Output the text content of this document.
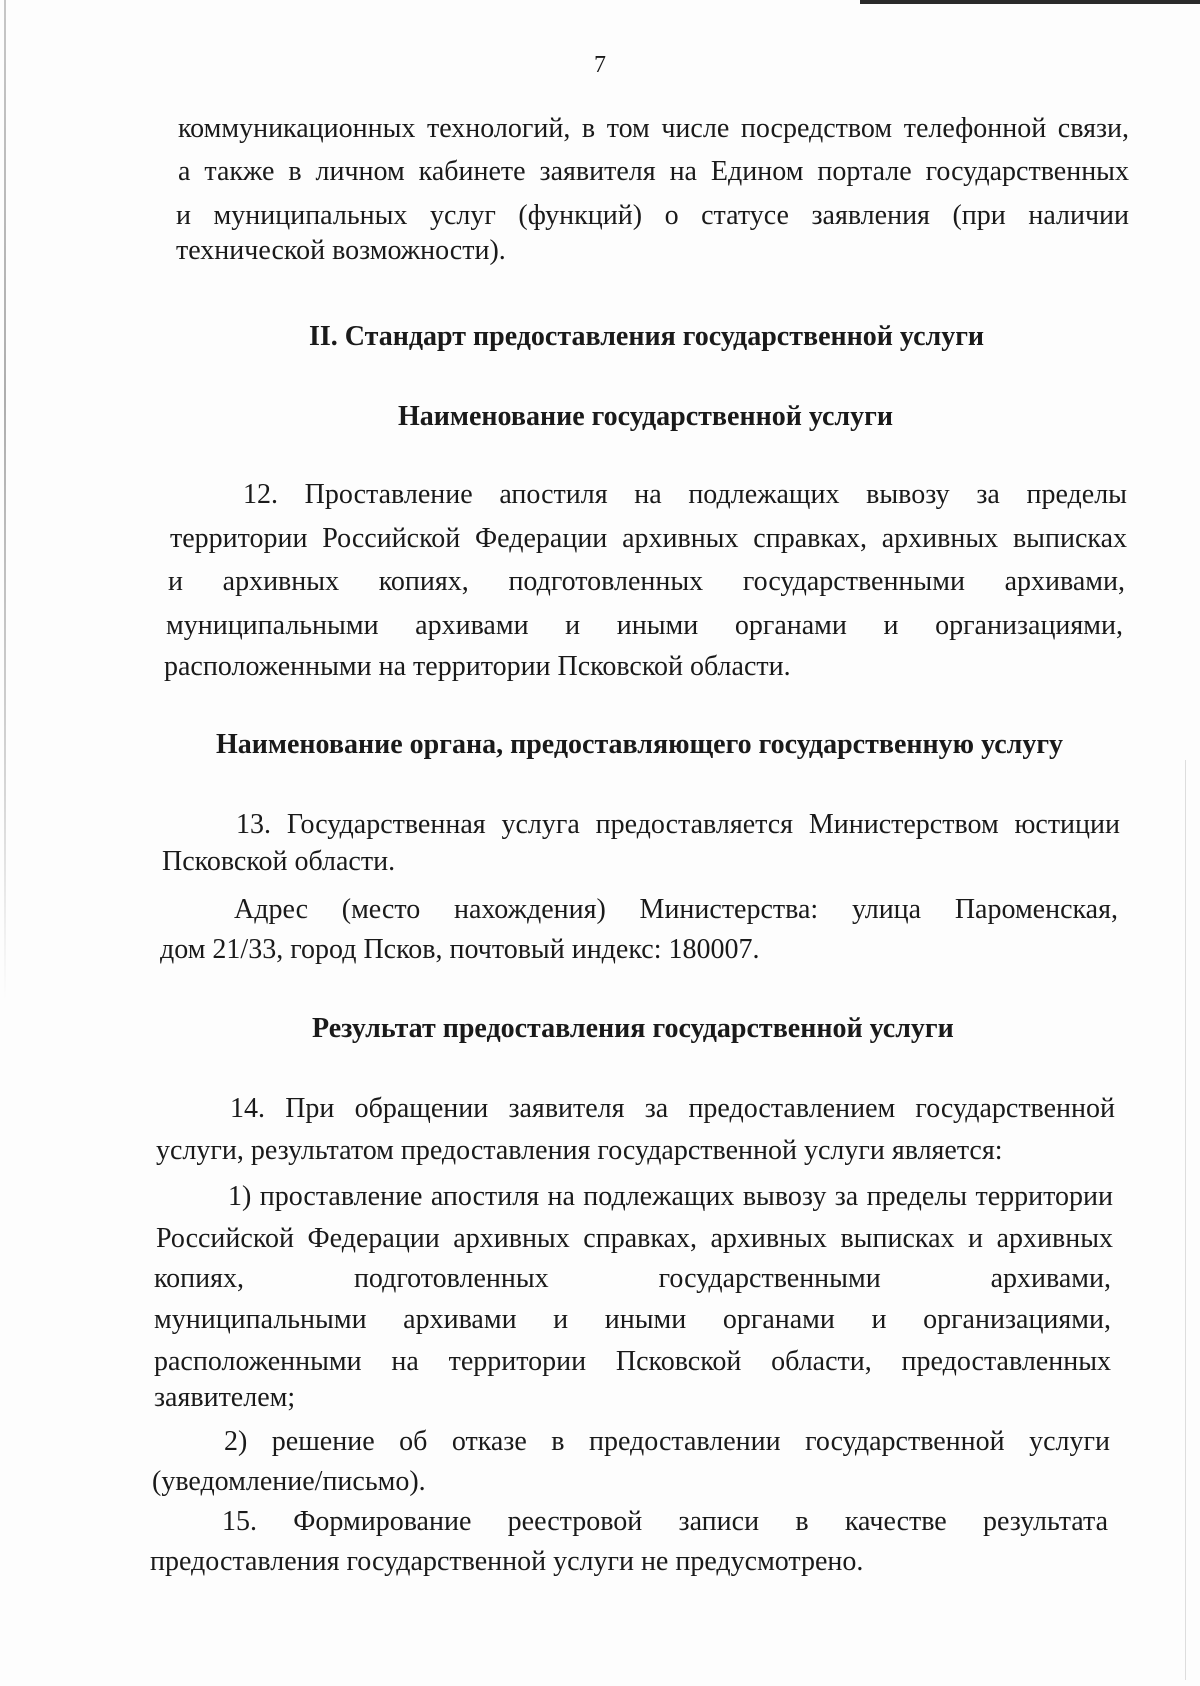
7
коммуникационных технологий, в том числе посредством телефонной связи,
а также в личном кабинете заявителя на Едином портале государственных
и муниципальных услуг (функций) о статусе заявления (при наличии
технической возможности).
II. Стандарт предоставления государственной услуги
Наименование государственной услуги
12. Проставление апостиля на подлежащих вывозу за пределы
территории Российской Федерации архивных справках, архивных выписках
и архивных копиях, подготовленных государственными архивами,
муниципальными архивами и иными органами и организациями,
расположенными на территории Псковской области.
Наименование органа, предоставляющего государственную услугу
13. Государственная услуга предоставляется Министерством юстиции
Псковской области.
Адрес (место нахождения) Министерства: улица Пароменская,
дом 21/33, город Псков, почтовый индекс: 180007.
Результат предоставления государственной услуги
14. При обращении заявителя за предоставлением государственной
услуги, результатом предоставления государственной услуги является:
1) проставление апостиля на подлежащих вывозу за пределы территории
Российской Федерации архивных справках, архивных выписках и архивных
копиях, подготовленных государственными архивами,
муниципальными архивами и иными органами и организациями,
расположенными на территории Псковской области, предоставленных
заявителем;
2) решение об отказе в предоставлении государственной услуги
(уведомление/письмо).
15. Формирование реестровой записи в качестве результата
предоставления государственной услуги не предусмотрено.
